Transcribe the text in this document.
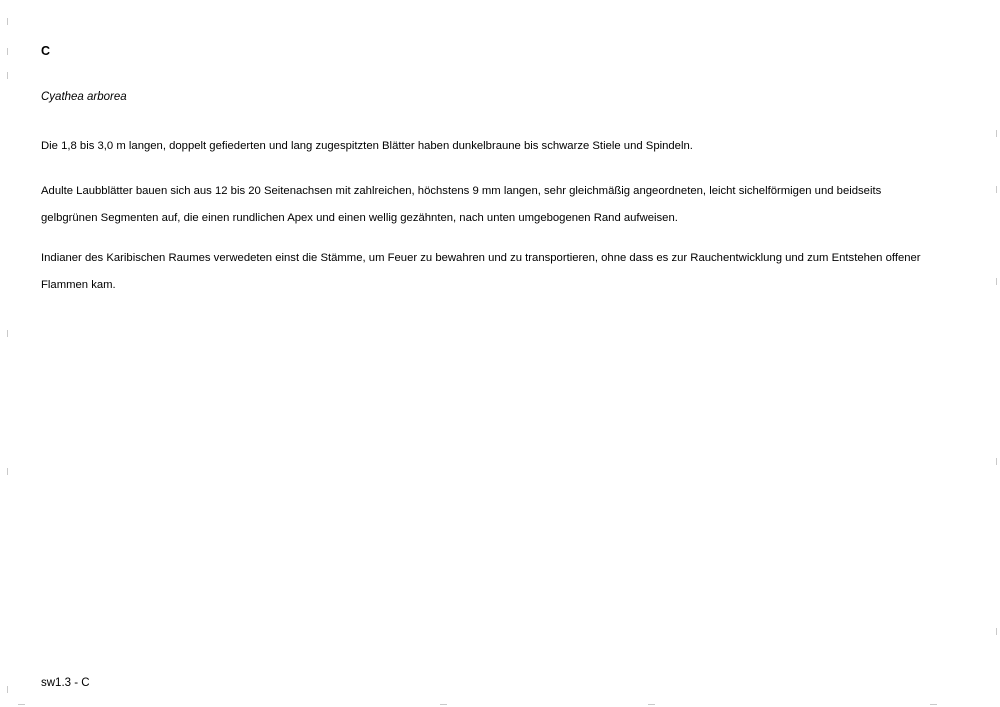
C
Cyathea arborea
Die 1,8 bis 3,0 m langen, doppelt gefiederten und lang zugespitzten Blätter haben dunkelbraune bis schwarze Stiele und Spindeln.
Adulte Laubblätter bauen sich aus 12 bis 20 Seitenachsen mit zahlreichen, höchstens 9 mm langen, sehr gleichmäßig angeordneten, leicht sichelförmigen und beidseits gelbgrünen Segmenten auf, die einen rundlichen Apex und einen wellig gezähnten, nach unten umgebogenen Rand aufweisen.
Indianer des Karibischen Raumes verwedeten einst die Stämme, um Feuer zu bewahren und zu transportieren, ohne dass es zur Rauchentwicklung und zum Entstehen offener Flammen kam.
sw1.3 - C
